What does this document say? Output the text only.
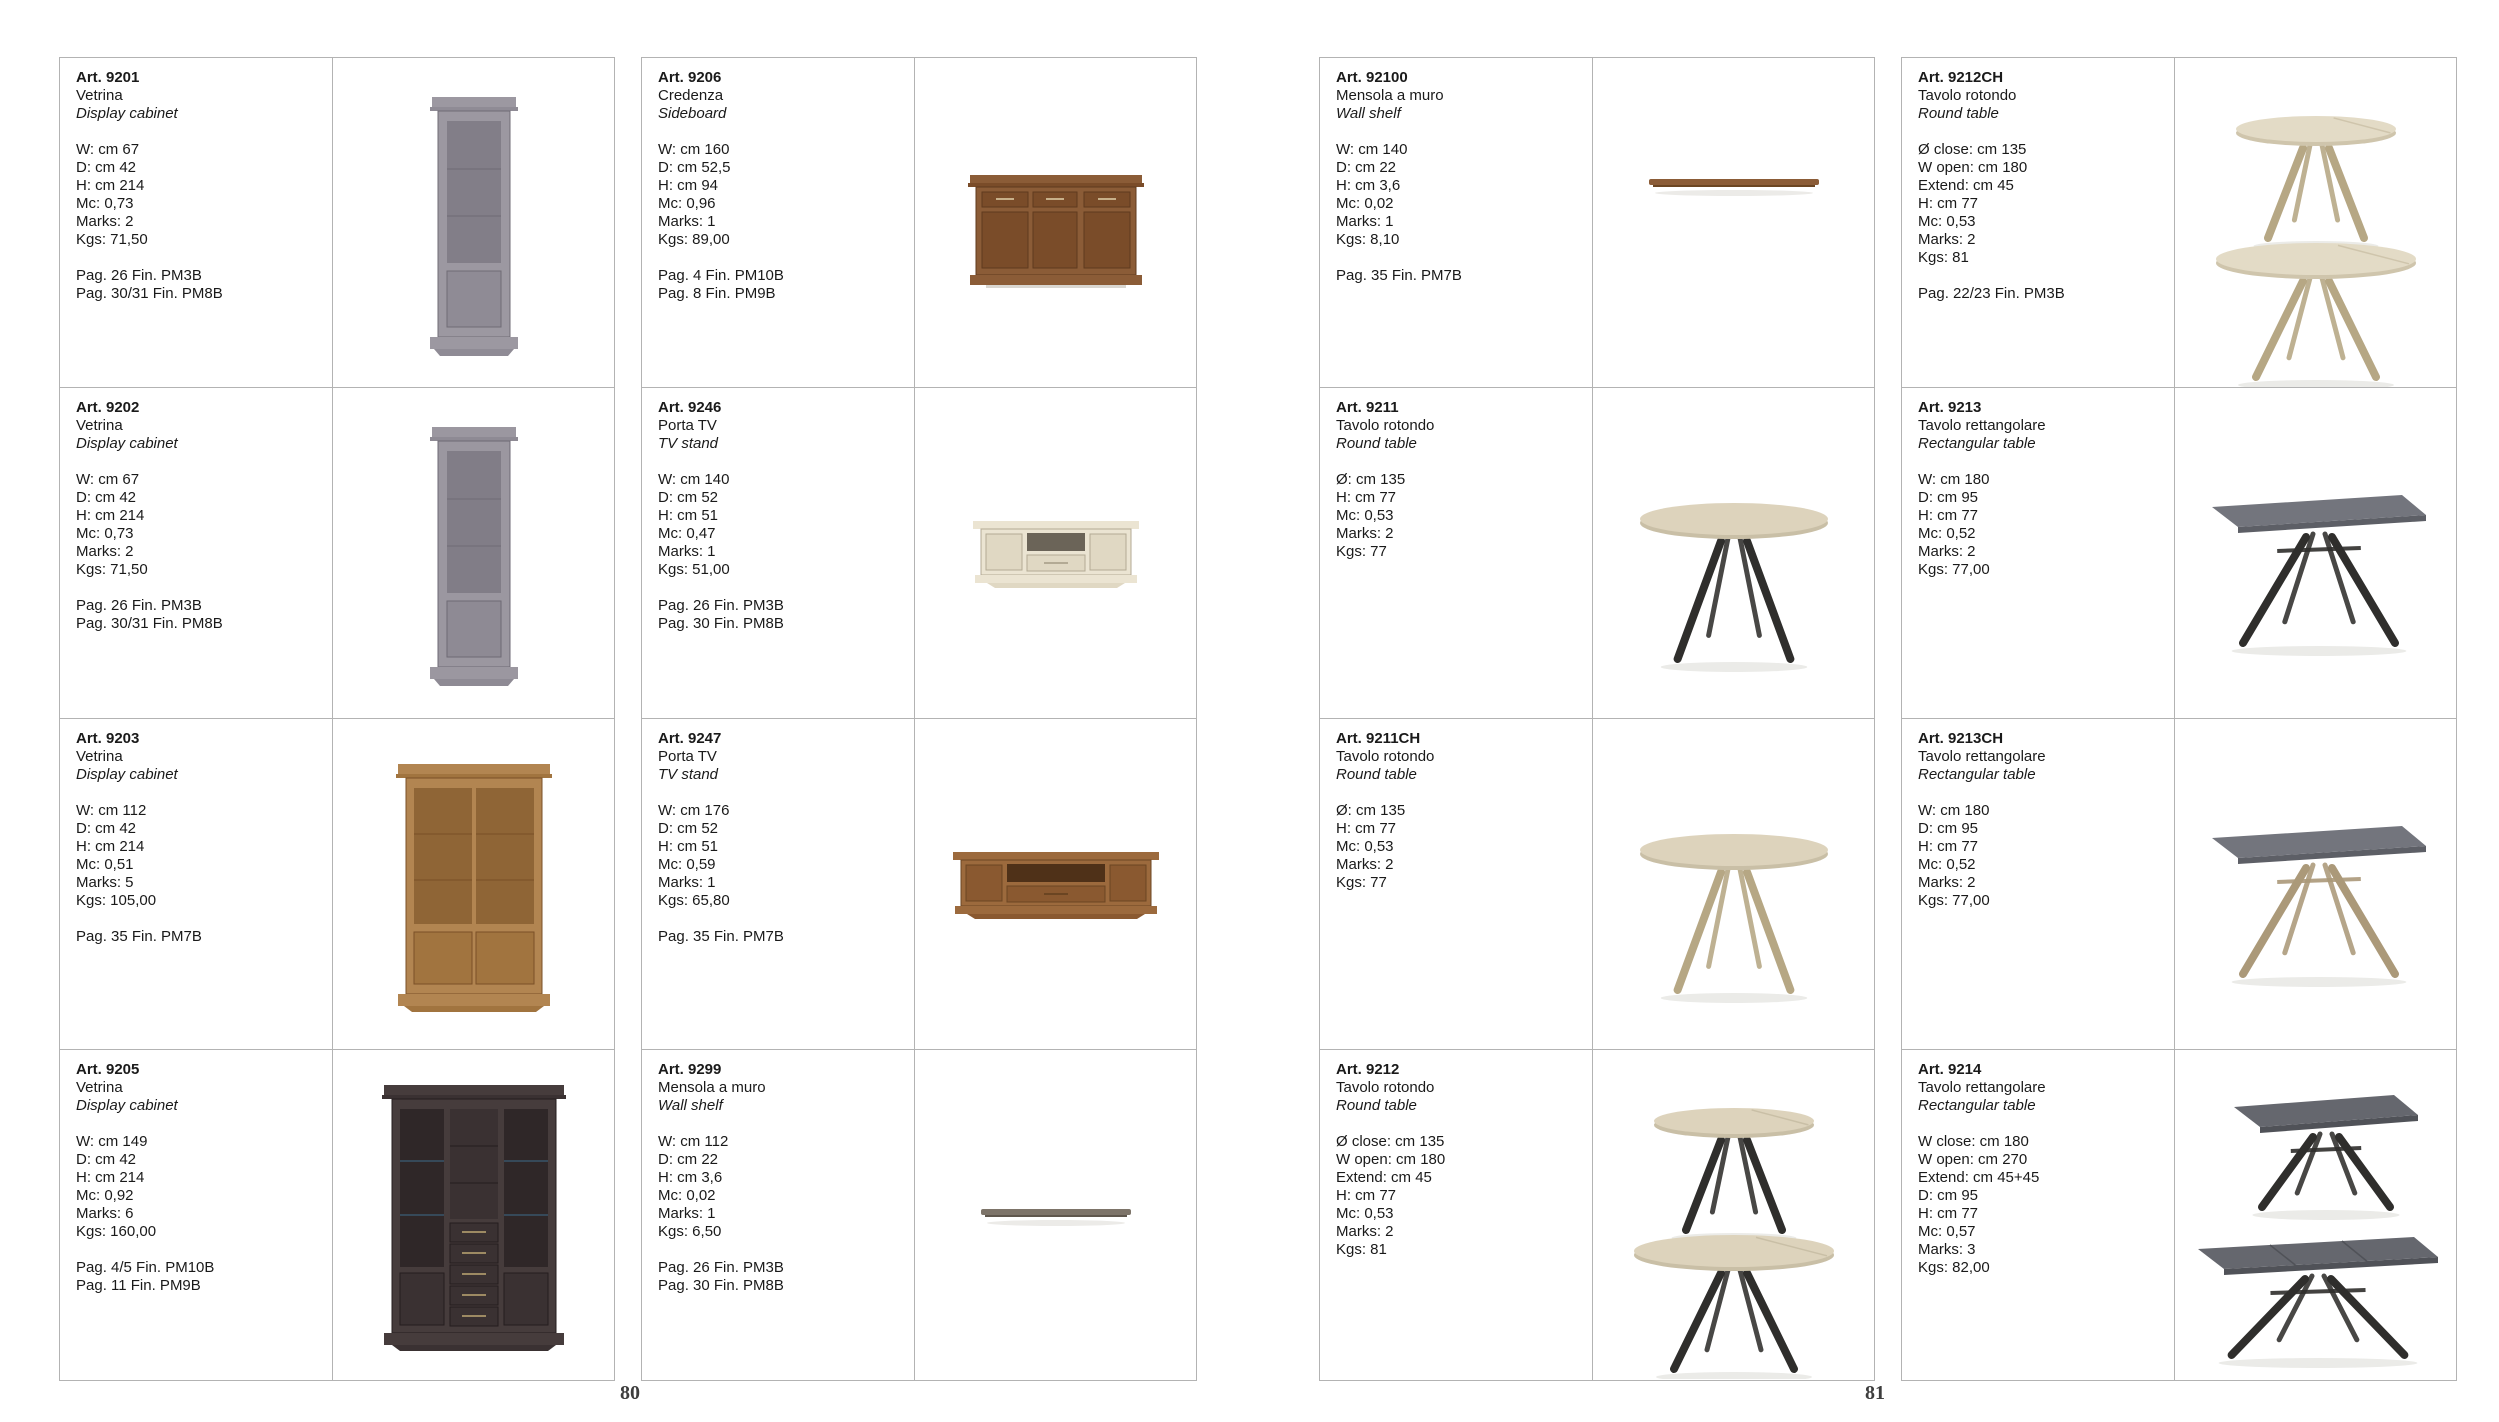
Art. 9201
Vetrina
Display cabinet
W: cm 67
D: cm 42
H: cm 214
Mc: 0,73
Marks: 2
Kgs: 71,50
Pag. 26 Fin. PM3B
Pag. 30/31 Fin. PM8B
Art. 9202
Vetrina
Display cabinet
W: cm 67
D: cm 42
H: cm 214
Mc: 0,73
Marks: 2
Kgs: 71,50
Pag. 26 Fin. PM3B
Pag. 30/31 Fin. PM8B
Art. 9203
Vetrina
Display cabinet
W: cm 112
D: cm 42
H: cm 214
Mc: 0,51
Marks: 5
Kgs: 105,00
Pag. 35 Fin. PM7B
Art. 9205
Vetrina
Display cabinet
W: cm 149
D: cm 42
H: cm 214
Mc: 0,92
Marks: 6
Kgs: 160,00
Pag. 4/5 Fin. PM10B
Pag. 11 Fin. PM9B
Art. 9206
Credenza
Sideboard
W: cm 160
D: cm 52,5
H: cm 94
Mc: 0,96
Marks: 1
Kgs: 89,00
Pag. 4 Fin. PM10B
Pag. 8 Fin. PM9B
Art. 9246
Porta TV
TV stand
W: cm 140
D: cm 52
H: cm 51
Mc: 0,47
Marks: 1
Kgs: 51,00
Pag. 26 Fin. PM3B
Pag. 30 Fin. PM8B
Art. 9247
Porta TV
TV stand
W: cm 176
D: cm 52
H: cm 51
Mc: 0,59
Marks: 1
Kgs: 65,80
Pag. 35 Fin. PM7B
Art. 9299
Mensola a muro
Wall shelf
W: cm 112
D: cm 22
H: cm 3,6
Mc: 0,02
Marks: 1
Kgs: 6,50
Pag. 26 Fin. PM3B
Pag. 30 Fin. PM8B
Art. 92100
Mensola a muro
Wall shelf
W: cm 140
D: cm 22
H: cm 3,6
Mc: 0,02
Marks: 1
Kgs: 8,10
Pag. 35 Fin. PM7B
Art. 9211
Tavolo rotondo
Round table
Ø: cm 135
H: cm 77
Mc: 0,53
Marks: 2
Kgs: 77
Art. 9211CH
Tavolo rotondo
Round table
Ø: cm 135
H: cm 77
Mc: 0,53
Marks: 2
Kgs: 77
Art. 9212
Tavolo rotondo
Round table
Ø close: cm 135
W open: cm 180
Extend: cm 45
H: cm 77
Mc: 0,53
Marks: 2
Kgs: 81
Art. 9212CH
Tavolo rotondo
Round table
Ø close: cm 135
W open: cm 180
Extend: cm 45
H: cm 77
Mc: 0,53
Marks: 2
Kgs: 81
Pag. 22/23 Fin. PM3B
Art. 9213
Tavolo rettangolare
Rectangular table
W: cm 180
D: cm 95
H: cm 77
Mc: 0,52
Marks: 2
Kgs: 77,00
Art. 9213CH
Tavolo rettangolare
Rectangular table
W: cm 180
D: cm 95
H: cm 77
Mc: 0,52
Marks: 2
Kgs: 77,00
Art. 9214
Tavolo rettangolare
Rectangular table
W close: cm 180
W open: cm 270
Extend: cm 45+45
D: cm 95
H: cm 77
Mc: 0,57
Marks: 3
Kgs: 82,00
80	81
